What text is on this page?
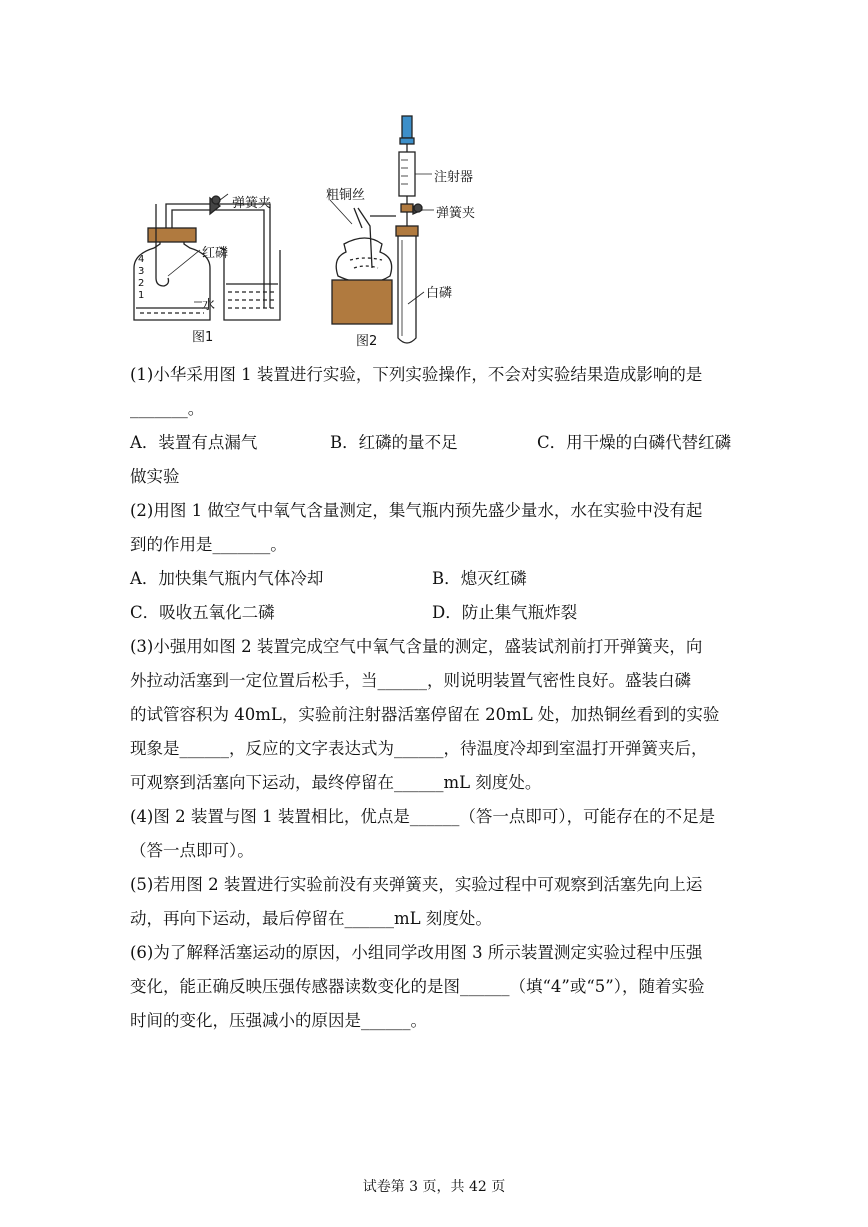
弹簧夹
红磷
水
4
3
2
1
图1
注射器
粗铜丝
弹簧夹
白磷
图2
(1)小华采用图 1 装置进行实验，下列实验操作，不会对实验结果造成影响的是
_______。
A．装置有点漏气	B．红磷的量不足	C．用干燥的白磷代替红磷
做实验
(2)用图 1 做空气中氧气含量测定，集气瓶内预先盛少量水，水在实验中没有起
到的作用是_______。
A．加快集气瓶内气体冷却	B．熄灭红磷
C．吸收五氧化二磷	D．防止集气瓶炸裂
(3)小强用如图 2 装置完成空气中氧气含量的测定，盛装试剂前打开弹簧夹，向
外拉动活塞到一定位置后松手，当______，则说明装置气密性良好。盛装白磷
的试管容积为 40mL，实验前注射器活塞停留在 20mL 处，加热铜丝看到的实验
现象是______，反应的文字表达式为______，待温度冷却到室温打开弹簧夹后，
可观察到活塞向下运动，最终停留在______mL 刻度处。
(4)图 2 装置与图 1 装置相比，优点是______（答一点即可），可能存在的不足是
（答一点即可）。
(5)若用图 2 装置进行实验前没有夹弹簧夹，实验过程中可观察到活塞先向上运
动，再向下运动，最后停留在______mL 刻度处。
(6)为了解释活塞运动的原因，小组同学改用图 3 所示装置测定实验过程中压强
变化，能正确反映压强传感器读数变化的是图______（填“4”或“5”），随着实验
时间的变化，压强减小的原因是______。
试卷第 3 页，共 42 页
